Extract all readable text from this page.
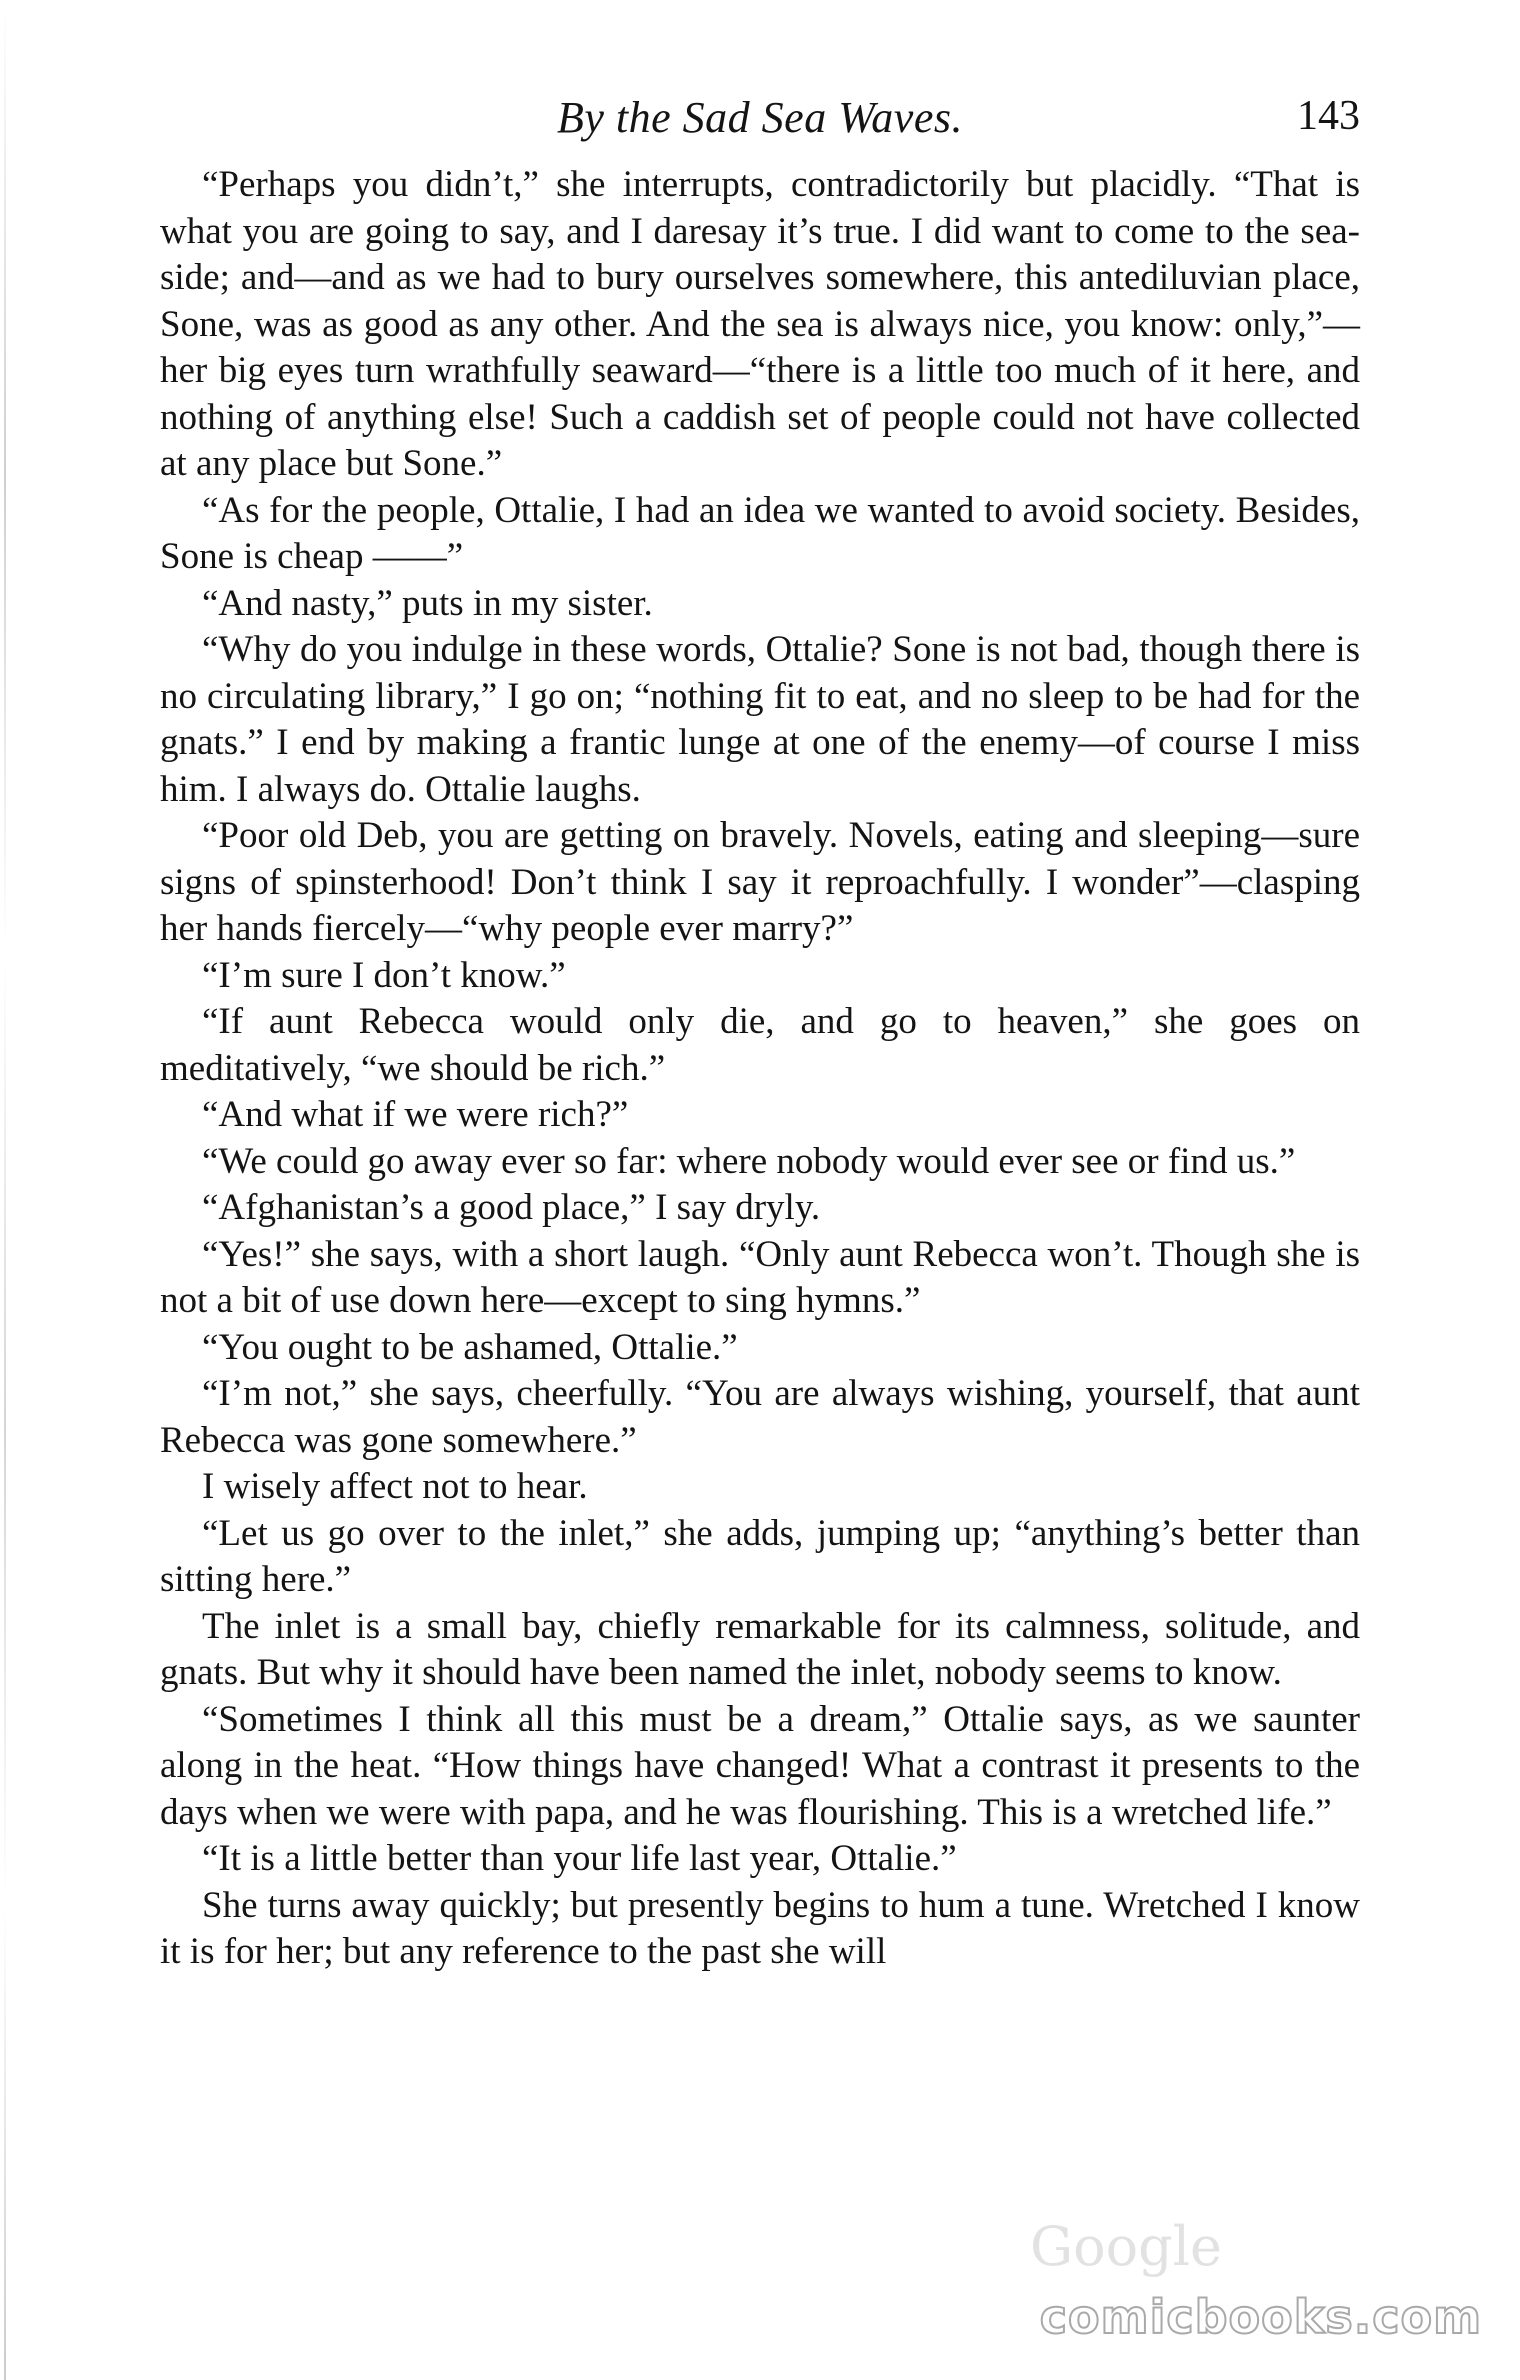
By the Sad Sea Waves.	143

“Perhaps you didn’t,” she interrupts, contradictorily but placidly. “That is what you are going to say, and I daresay it’s true. I did want to come to the sea-side; and—and as we had to bury ourselves somewhere, this antediluvian place, Sone, was as good as any other. And the sea is always nice, you know: only,”—her big eyes turn wrathfully seaward—“there is a little too much of it here, and nothing of anything else! Such a caddish set of people could not have collected at any place but Sone.”

“As for the people, Ottalie, I had an idea we wanted to avoid society. Besides, Sone is cheap ——”

“And nasty,” puts in my sister.

“Why do you indulge in these words, Ottalie? Sone is not bad, though there is no circulating library,” I go on; “nothing fit to eat, and no sleep to be had for the gnats.” I end by making a frantic lunge at one of the enemy—of course I miss him. I always do. Ottalie laughs.

“Poor old Deb, you are getting on bravely. Novels, eating and sleeping—sure signs of spinsterhood! Don’t think I say it reproachfully. I wonder”—clasping her hands fiercely—“why people ever marry?”

“I’m sure I don’t know.”

“If aunt Rebecca would only die, and go to heaven,” she goes on meditatively, “we should be rich.”

“And what if we were rich?”

“We could go away ever so far: where nobody would ever see or find us.”

“Afghanistan’s a good place,” I say dryly.

“Yes!” she says, with a short laugh. “Only aunt Rebecca won’t. Though she is not a bit of use down here—except to sing hymns.”

“You ought to be ashamed, Ottalie.”

“I’m not,” she says, cheerfully. “You are always wishing, yourself, that aunt Rebecca was gone somewhere.”

I wisely affect not to hear.

“Let us go over to the inlet,” she adds, jumping up; “anything’s better than sitting here.”

The inlet is a small bay, chiefly remarkable for its calmness, solitude, and gnats. But why it should have been named the inlet, nobody seems to know.

“Sometimes I think all this must be a dream,” Ottalie says, as we saunter along in the heat. “How things have changed! What a contrast it presents to the days when we were with papa, and he was flourishing. This is a wretched life.”

“It is a little better than your life last year, Ottalie.”

She turns away quickly; but presently begins to hum a tune. Wretched I know it is for her; but any reference to the past she will

Google
comicbooks.com
